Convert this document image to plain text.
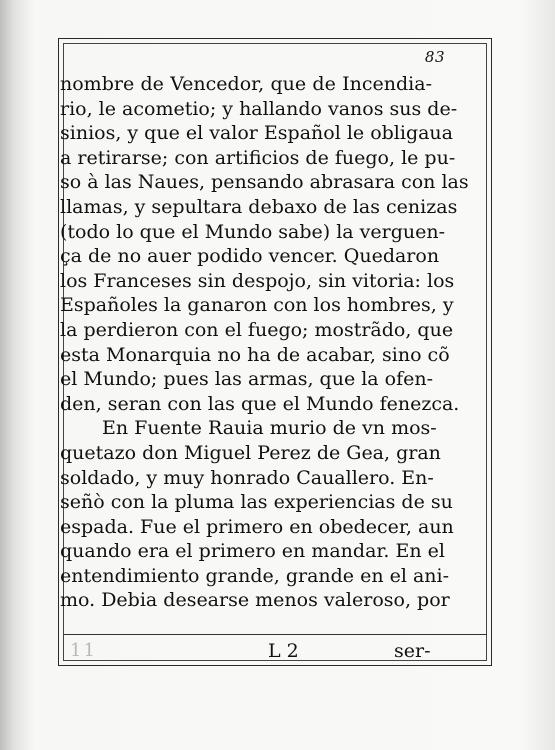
83
nombre de Vencedor, que de Incendia-
rio, le acometio; y hallando vanos sus de-
sinios, y que el valor Español le obligaua
a retirarse; con artificios de fuego, le pu-
so à las Naues, pensando abrasara con las
llamas, y sepultara debaxo de las cenizas
(todo lo que el Mundo sabe) la verguen-
ça de no auer podido vencer. Quedaron
los Franceses sin despojo, sin vitoria: los
Españoles la ganaron con los hombres, y
la perdieron con el fuego; mostrãdo, que
esta Monarquia no ha de acabar, sino cõ
el Mundo; pues las armas, que la ofen-
den, seran con las que el Mundo fenezca.
En Fuente Rauia murio de vn mos-
quetazo don Miguel Perez de Gea, gran
soldado, y muy honrado Cauallero. En-
señò con la pluma las experiencias de su
espada. Fue el primero en obedecer, aun
quando era el primero en mandar. En el
entendimiento grande, grande en el ani-
mo. Debia desearse menos valeroso, por
11	L 2	ser-
